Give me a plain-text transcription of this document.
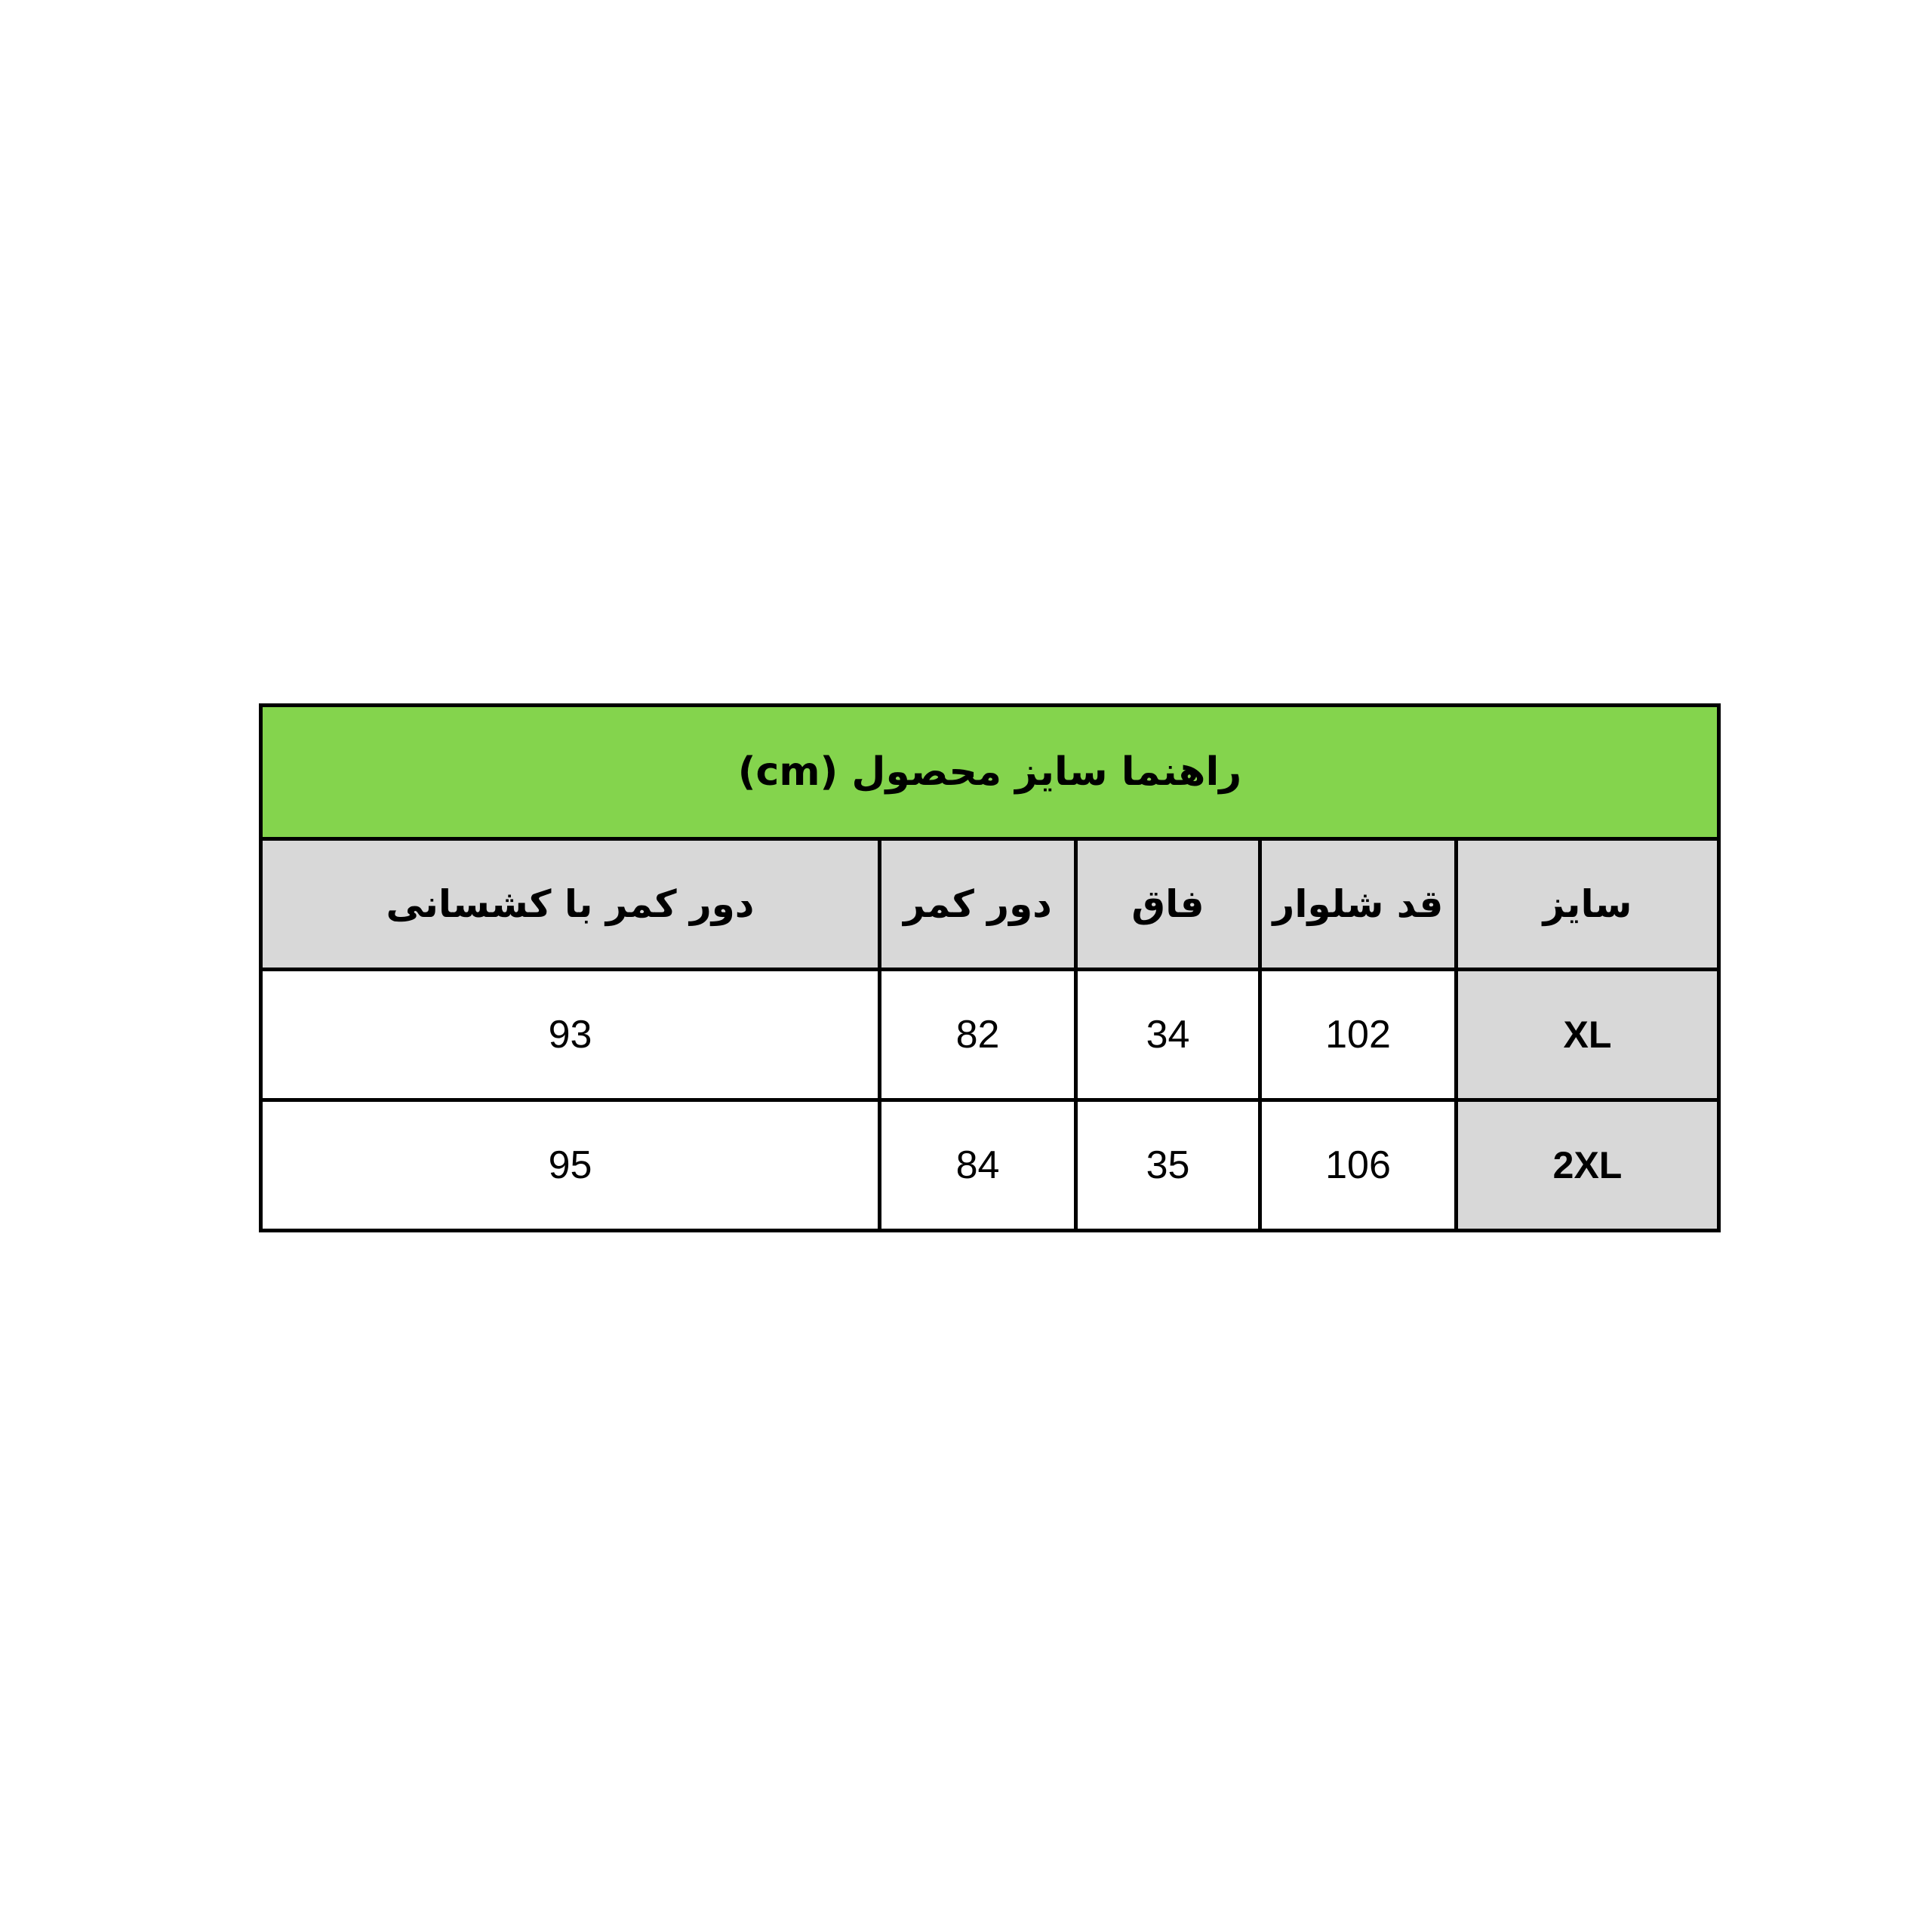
راهنما سایز محصول (cm)				
سایز	قد شلوار	فاق	دور کمر	دور کمر با کشسانی
XL	102	34	82	93
2XL	106	35	84	95
